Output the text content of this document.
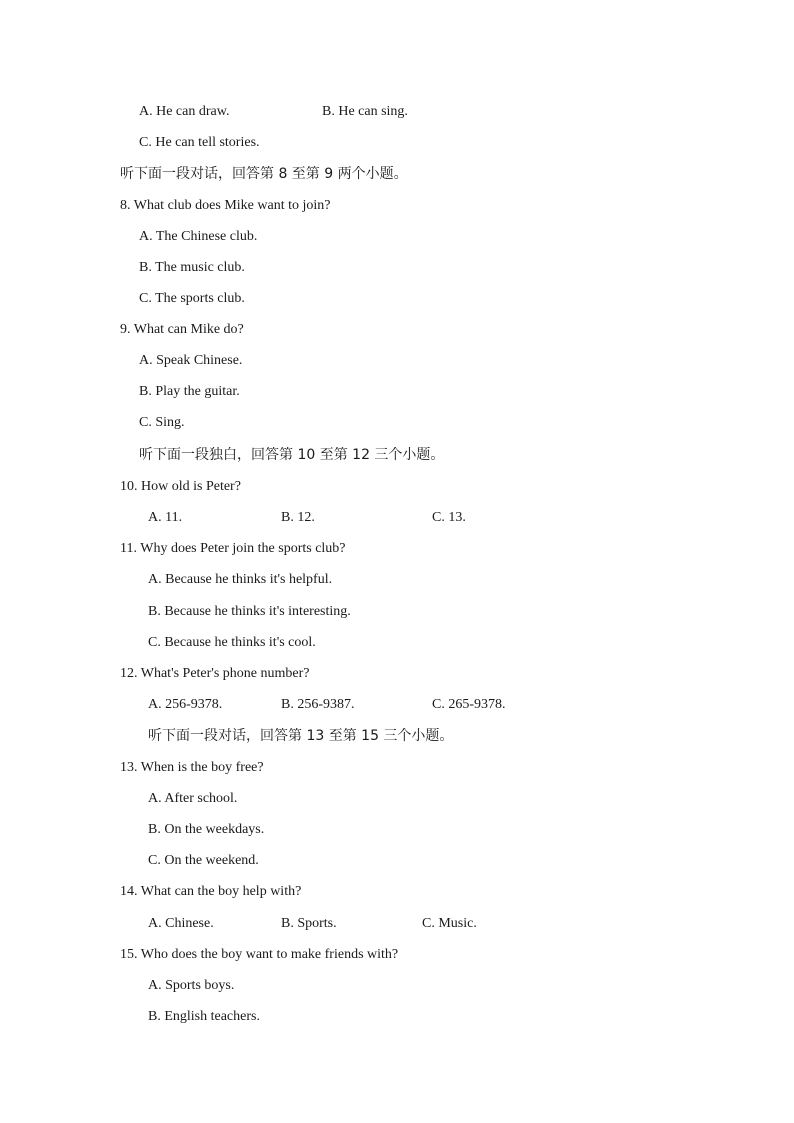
A. He can draw.	B. He can sing.
C. He can tell stories.
听下面一段对话，回答第 8 至第 9 两个小题。
8. What club does Mike want to join?
A. The Chinese club.
B. The music club.
C. The sports club.
9. What can Mike do?
A. Speak Chinese.
B. Play the guitar.
C. Sing.
听下面一段独白，回答第 10 至第 12 三个小题。
10. How old is Peter?
A. 11.	B. 12.	C. 13.
11. Why does Peter join the sports club?
A. Because he thinks it's helpful.
B. Because he thinks it's interesting.
C. Because he thinks it's cool.
12. What's Peter's phone number?
A. 256-9378.	B. 256-9387.	C. 265-9378.
听下面一段对话，回答第 13 至第 15 三个小题。
13. When is the boy free?
A. After school.
B. On the weekdays.
C. On the weekend.
14. What can the boy help with?
A. Chinese.	B. Sports.	C. Music.
15. Who does the boy want to make friends with?
A. Sports boys.
B. English teachers.
